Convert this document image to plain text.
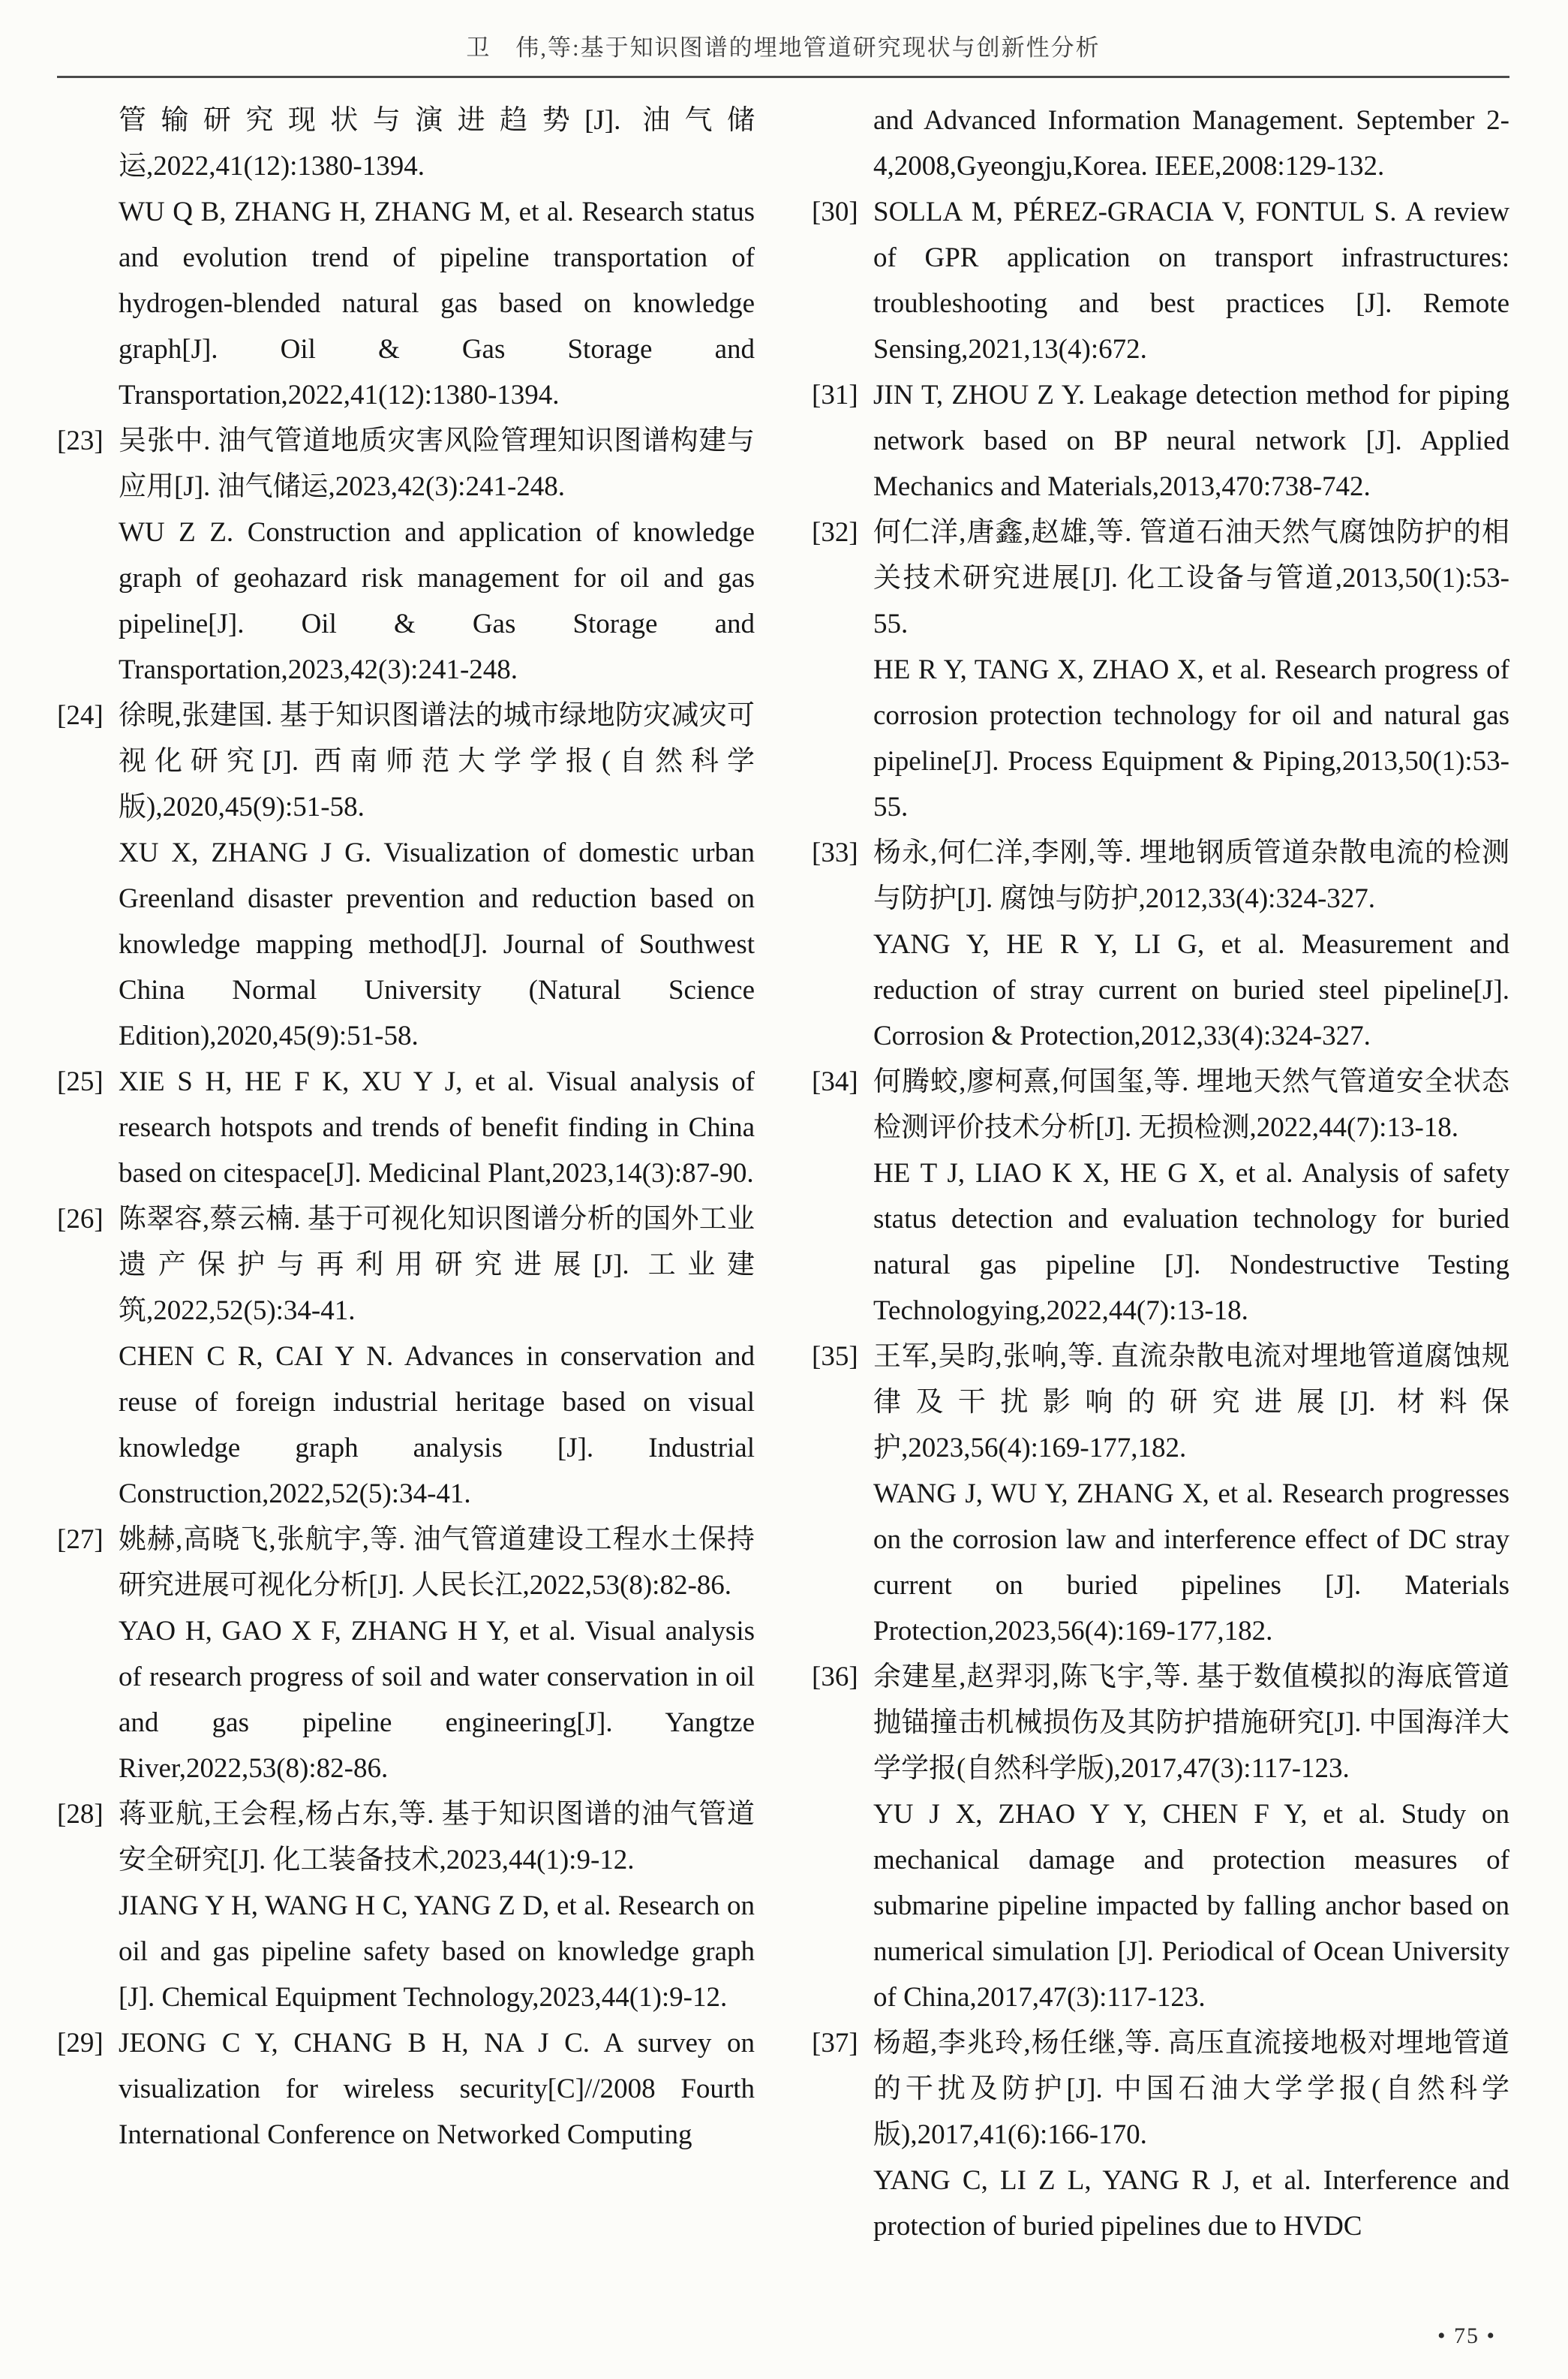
卫　伟,等:基于知识图谱的埋地管道研究现状与创新性分析

管输研究现状与演进趋势[J]. 油气储运,2022,41(12):1380-1394.

WU Q B, ZHANG H, ZHANG M, et al. Research status and evolution trend of pipeline transportation of hydrogen-blended natural gas based on knowledge graph[J]. Oil & Gas Storage and Transportation,2022,41(12):1380-1394.

[23] 吴张中. 油气管道地质灾害风险管理知识图谱构建与应用[J]. 油气储运,2023,42(3):241-248.

WU Z Z. Construction and application of knowledge graph of geohazard risk management for oil and gas pipeline[J]. Oil & Gas Storage and Transportation,2023,42(3):241-248.

[24] 徐晛,张建国. 基于知识图谱法的城市绿地防灾减灾可视化研究[J]. 西南师范大学学报(自然科学版),2020,45(9):51-58.

XU X, ZHANG J G. Visualization of domestic urban Greenland disaster prevention and reduction based on knowledge mapping method[J]. Journal of Southwest China Normal University (Natural Science Edition),2020,45(9):51-58.

[25] XIE S H, HE F K, XU Y J, et al. Visual analysis of research hotspots and trends of benefit finding in China based on citespace[J]. Medicinal Plant,2023,14(3):87-90.

[26] 陈翠容,蔡云楠. 基于可视化知识图谱分析的国外工业遗产保护与再利用研究进展[J]. 工业建筑,2022,52(5):34-41.

CHEN C R, CAI Y N. Advances in conservation and reuse of foreign industrial heritage based on visual knowledge graph analysis [J]. Industrial Construction,2022,52(5):34-41.

[27] 姚赫,高晓飞,张航宇,等. 油气管道建设工程水土保持研究进展可视化分析[J]. 人民长江,2022,53(8):82-86.

YAO H, GAO X F, ZHANG H Y, et al. Visual analysis of research progress of soil and water conservation in oil and gas pipeline engineering[J]. Yangtze River,2022,53(8):82-86.

[28] 蒋亚航,王会程,杨占东,等. 基于知识图谱的油气管道安全研究[J]. 化工装备技术,2023,44(1):9-12.

JIANG Y H, WANG H C, YANG Z D, et al. Research on oil and gas pipeline safety based on knowledge graph [J]. Chemical Equipment Technology,2023,44(1):9-12.

[29] JEONG C Y, CHANG B H, NA J C. A survey on visualization for wireless security[C]//2008 Fourth International Conference on Networked Computing

and Advanced Information Management. September 2-4,2008,Gyeongju,Korea. IEEE,2008:129-132.

[30] SOLLA M, PÉREZ-GRACIA V, FONTUL S. A review of GPR application on transport infrastructures: troubleshooting and best practices [J]. Remote Sensing,2021,13(4):672.

[31] JIN T, ZHOU Z Y. Leakage detection method for piping network based on BP neural network [J]. Applied Mechanics and Materials,2013,470:738-742.

[32] 何仁洋,唐鑫,赵雄,等. 管道石油天然气腐蚀防护的相关技术研究进展[J]. 化工设备与管道,2013,50(1):53-55.

HE R Y, TANG X, ZHAO X, et al. Research progress of corrosion protection technology for oil and natural gas pipeline[J]. Process Equipment & Piping,2013,50(1):53-55.

[33] 杨永,何仁洋,李刚,等. 埋地钢质管道杂散电流的检测与防护[J]. 腐蚀与防护,2012,33(4):324-327.

YANG Y, HE R Y, LI G, et al. Measurement and reduction of stray current on buried steel pipeline[J]. Corrosion & Protection,2012,33(4):324-327.

[34] 何腾蛟,廖柯熹,何国玺,等. 埋地天然气管道安全状态检测评价技术分析[J]. 无损检测,2022,44(7):13-18.

HE T J, LIAO K X, HE G X, et al. Analysis of safety status detection and evaluation technology for buried natural gas pipeline [J]. Nondestructive Testing Technologying,2022,44(7):13-18.

[35] 王军,吴昀,张响,等. 直流杂散电流对埋地管道腐蚀规律及干扰影响的研究进展[J]. 材料保护,2023,56(4):169-177,182.

WANG J, WU Y, ZHANG X, et al. Research progresses on the corrosion law and interference effect of DC stray current on buried pipelines [J]. Materials Protection,2023,56(4):169-177,182.

[36] 余建星,赵羿羽,陈飞宇,等. 基于数值模拟的海底管道抛锚撞击机械损伤及其防护措施研究[J]. 中国海洋大学学报(自然科学版),2017,47(3):117-123.

YU J X, ZHAO Y Y, CHEN F Y, et al. Study on mechanical damage and protection measures of submarine pipeline impacted by falling anchor based on numerical simulation [J]. Periodical of Ocean University of China,2017,47(3):117-123.

[37] 杨超,李兆玲,杨任继,等. 高压直流接地极对埋地管道的干扰及防护[J]. 中国石油大学学报(自然科学版),2017,41(6):166-170.

YANG C, LI Z L, YANG R J, et al. Interference and protection of buried pipelines due to HVDC

• 75 •
